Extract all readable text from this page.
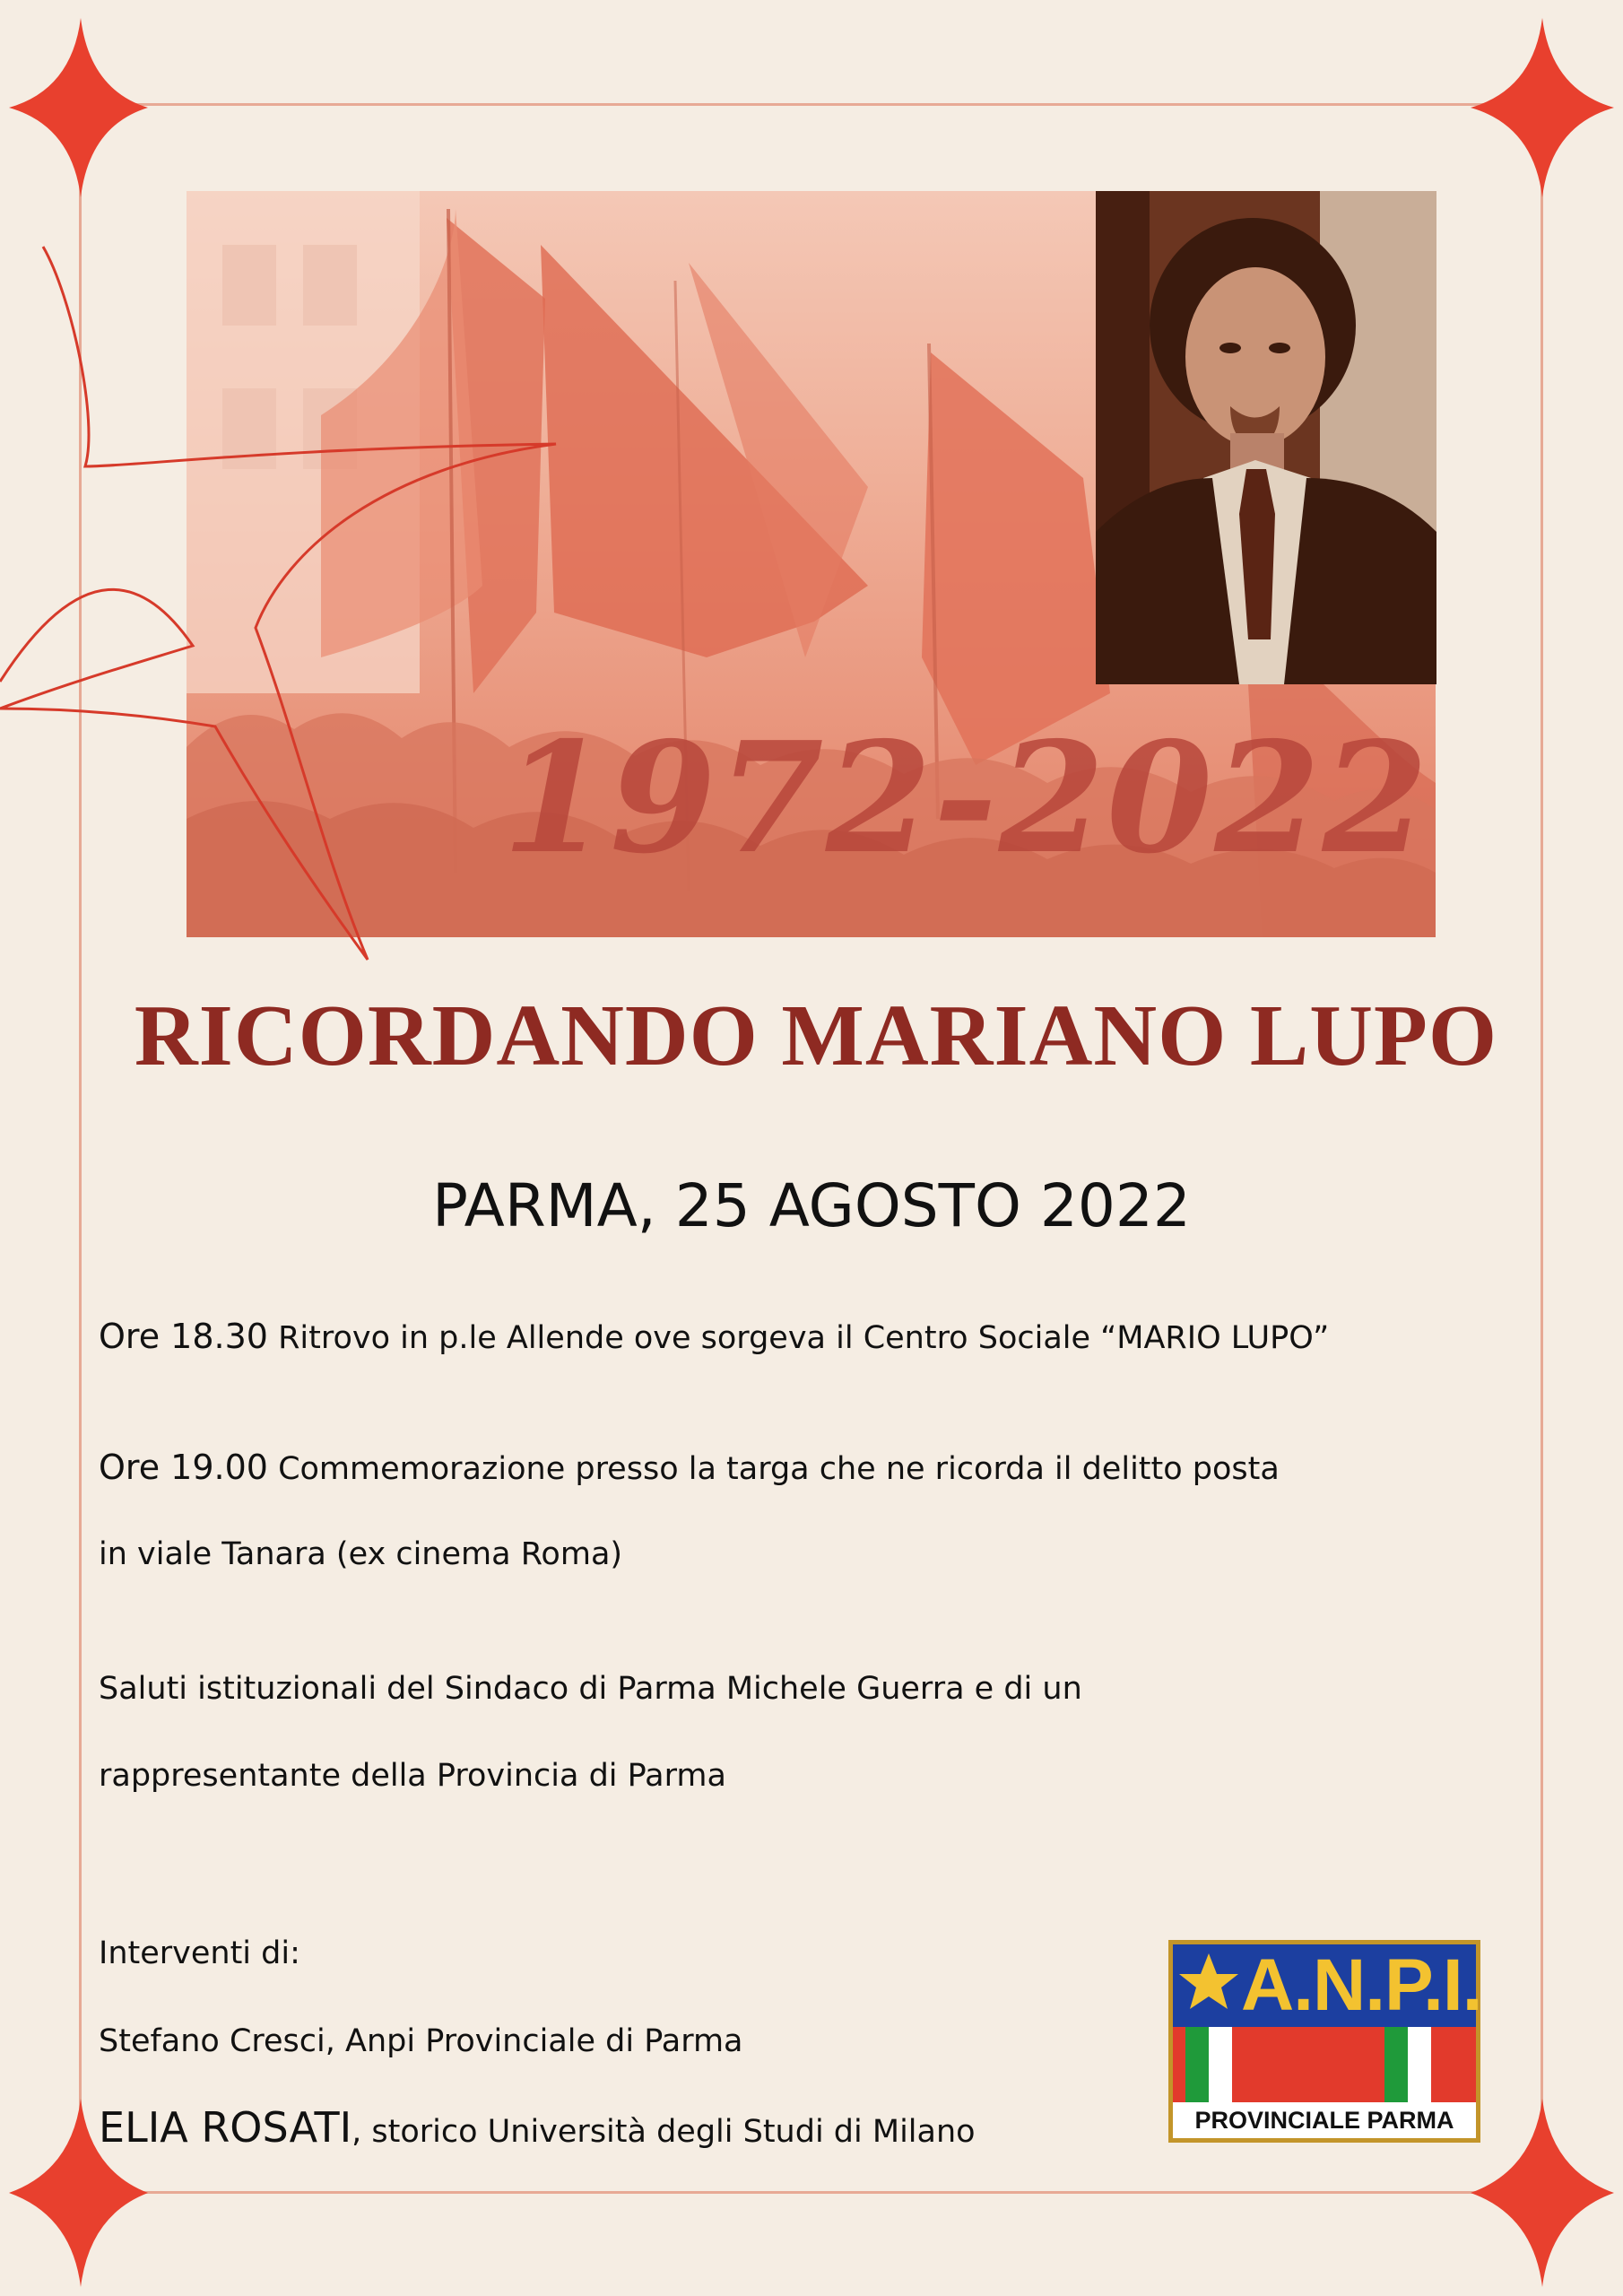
1972-2022
RICORDANDO MARIANO LUPO
PARMA, 25 AGOSTO 2022
Ore 18.30 Ritrovo in p.le Allende ove sorgeva il Centro Sociale “MARIO LUPO”
Ore 19.00 Commemorazione presso la targa che ne ricorda il delitto posta
in viale Tanara (ex cinema Roma)
Saluti istituzionali del Sindaco di Parma Michele Guerra e di un
rappresentante della Provincia di Parma
Interventi di:
Stefano Cresci, Anpi Provinciale di Parma
ELIA ROSATI, storico Università degli Studi di Milano
A.N.P.I.
PROVINCIALE PARMA
